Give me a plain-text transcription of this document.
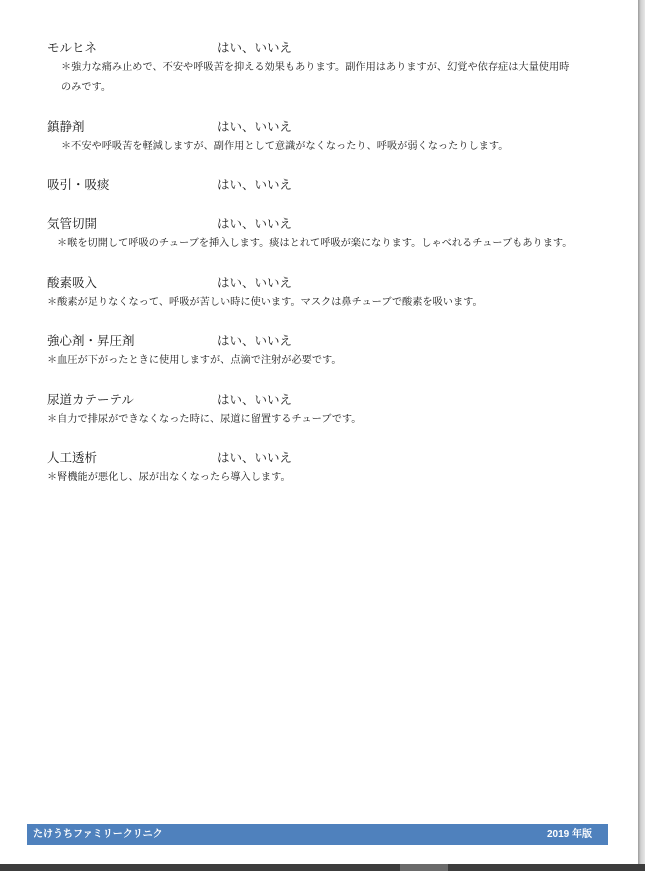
モルヒネ	はい、いいえ
＊強力な痛み止めで、不安や呼吸苦を抑える効果もあります。副作用はありますが、幻覚や依存症は大量使用時
のみです。
鎮静剤	はい、いいえ
＊不安や呼吸苦を軽減しますが、副作用として意識がなくなったり、呼吸が弱くなったりします。
吸引・吸痰	はい、いいえ
気管切開	はい、いいえ
＊喉を切開して呼吸のチューブを挿入します。痰はとれて呼吸が楽になります。しゃべれるチューブもあります。
酸素吸入	はい、いいえ
＊酸素が足りなくなって、呼吸が苦しい時に使います。マスクは鼻チューブで酸素を吸います。
強心剤・昇圧剤	はい、いいえ
＊血圧が下がったときに使用しますが、点滴で注射が必要です。
尿道カテーテル	はい、いいえ
＊自力で排尿ができなくなった時に、尿道に留置するチューブです。
人工透析	はい、いいえ
＊腎機能が悪化し、尿が出なくなったら導入します。
たけうちファミリークリニク	2019 年版
